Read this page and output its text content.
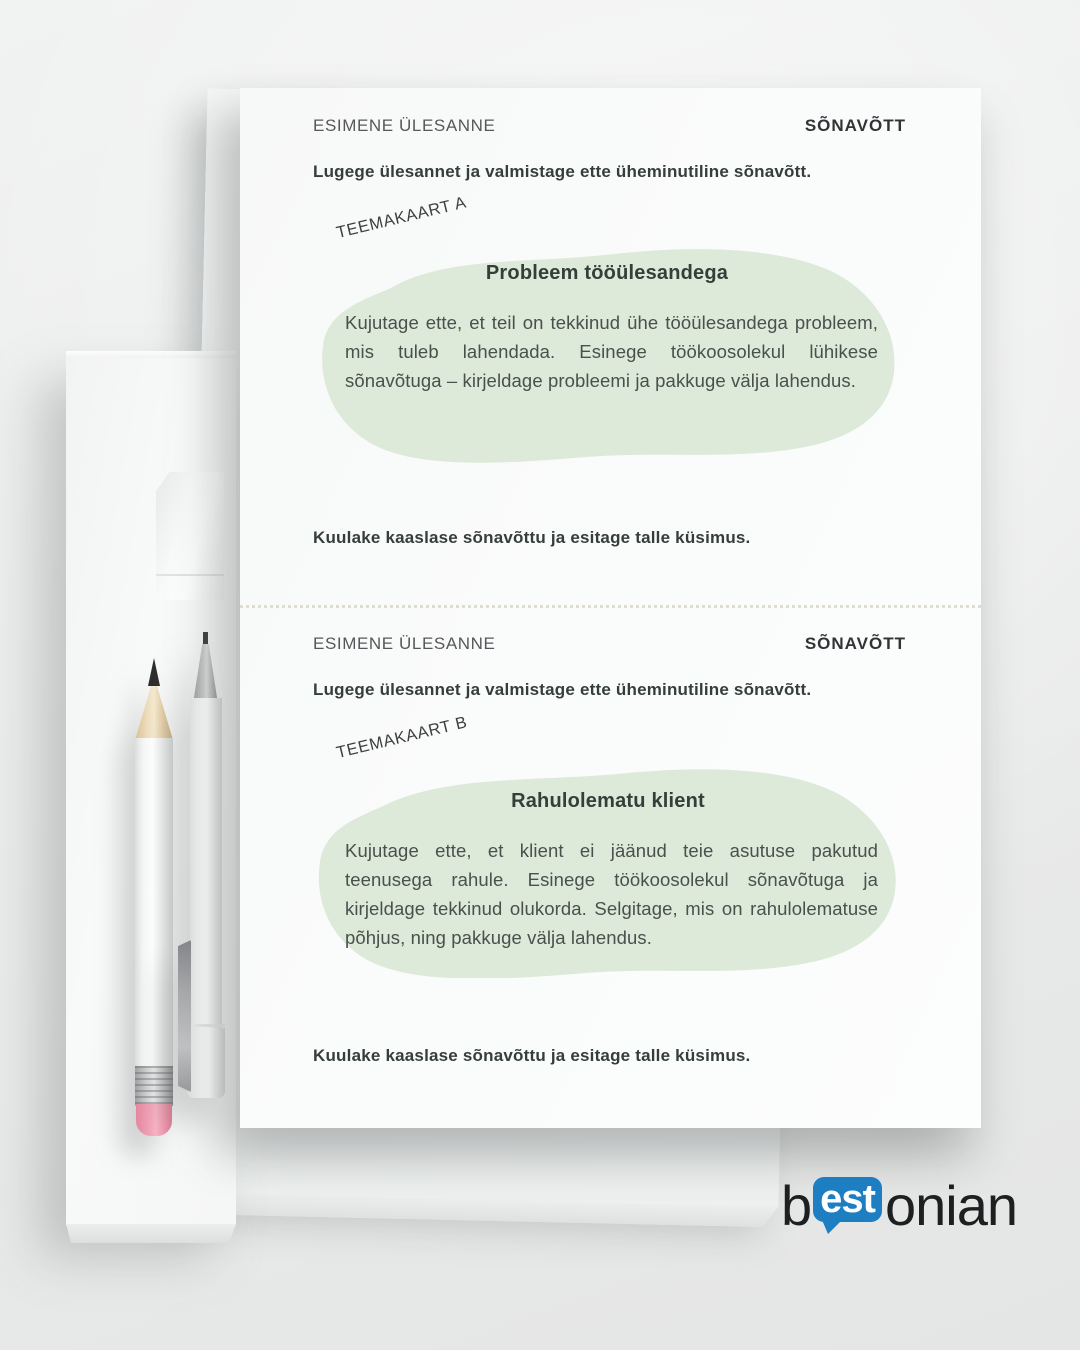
ESIMENE ÜLESANNE	SÕNAVÕTT
Lugege ülesannet ja valmistage ette üheminutiline sõnavõtt.
TEEMAKAART A
Probleem tööülesandega
Kujutage ette, et teil on tekkinud ühe tööülesandega probleem, mis tuleb lahendada. Esinege töökoosolekul lühikese sõnavõtuga – kirjeldage probleemi ja pakkuge välja lahendus.
Kuulake kaaslase sõnavõttu ja esitage talle küsimus.
ESIMENE ÜLESANNE	SÕNAVÕTT
Lugege ülesannet ja valmistage ette üheminutiline sõnavõtt.
TEEMAKAART B
Rahulolematu klient
Kujutage ette, et klient ei jäänud teie asutuse pakutud teenusega rahule. Esinege töökoosolekul sõnavõtuga ja kirjeldage tekkinud olukorda. Selgitage, mis on rahulolematuse põhjus, ning pakkuge välja lahendus.
Kuulake kaaslase sõnavõttu ja esitage talle küsimus.
b est onian
